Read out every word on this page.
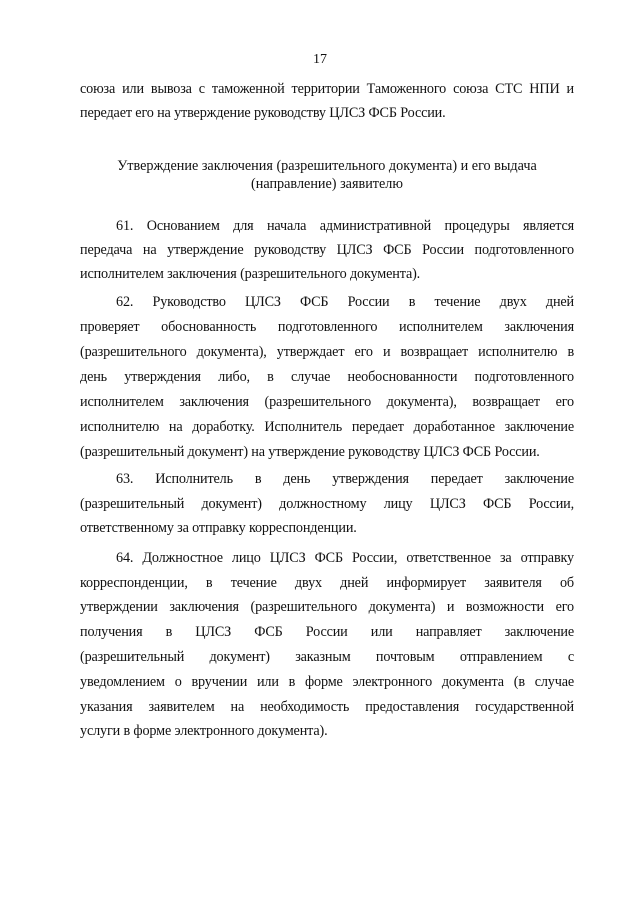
17
союза или вывоза с таможенной территории Таможенного союза СТС НПИ и
передает его на утверждение руководству ЦЛСЗ ФСБ России.
Утверждение заключения (разрешительного документа) и его выдача
(направление) заявителю
61. Основанием для начала административной процедуры является
передача на утверждение руководству ЦЛСЗ ФСБ России подготовленного
исполнителем заключения (разрешительного документа).
62. Руководство ЦЛСЗ ФСБ России в течение двух дней
проверяет обоснованность подготовленного исполнителем заключения
(разрешительного документа), утверждает его и возвращает исполнителю в
день утверждения либо, в случае необоснованности подготовленного
исполнителем заключения (разрешительного документа), возвращает его
исполнителю на доработку. Исполнитель передает доработанное заключение
(разрешительный документ) на утверждение руководству ЦЛСЗ ФСБ России.
63. Исполнитель в день утверждения передает заключение
(разрешительный документ) должностному лицу ЦЛСЗ ФСБ России,
ответственному за отправку корреспонденции.
64. Должностное лицо ЦЛСЗ ФСБ России, ответственное за отправку
корреспонденции, в течение двух дней информирует заявителя об
утверждении заключения (разрешительного документа) и возможности его
получения в ЦЛСЗ ФСБ России или направляет заключение
(разрешительный документ) заказным почтовым отправлением с
уведомлением о вручении или в форме электронного документа (в случае
указания заявителем на необходимость предоставления государственной
услуги в форме электронного документа).
